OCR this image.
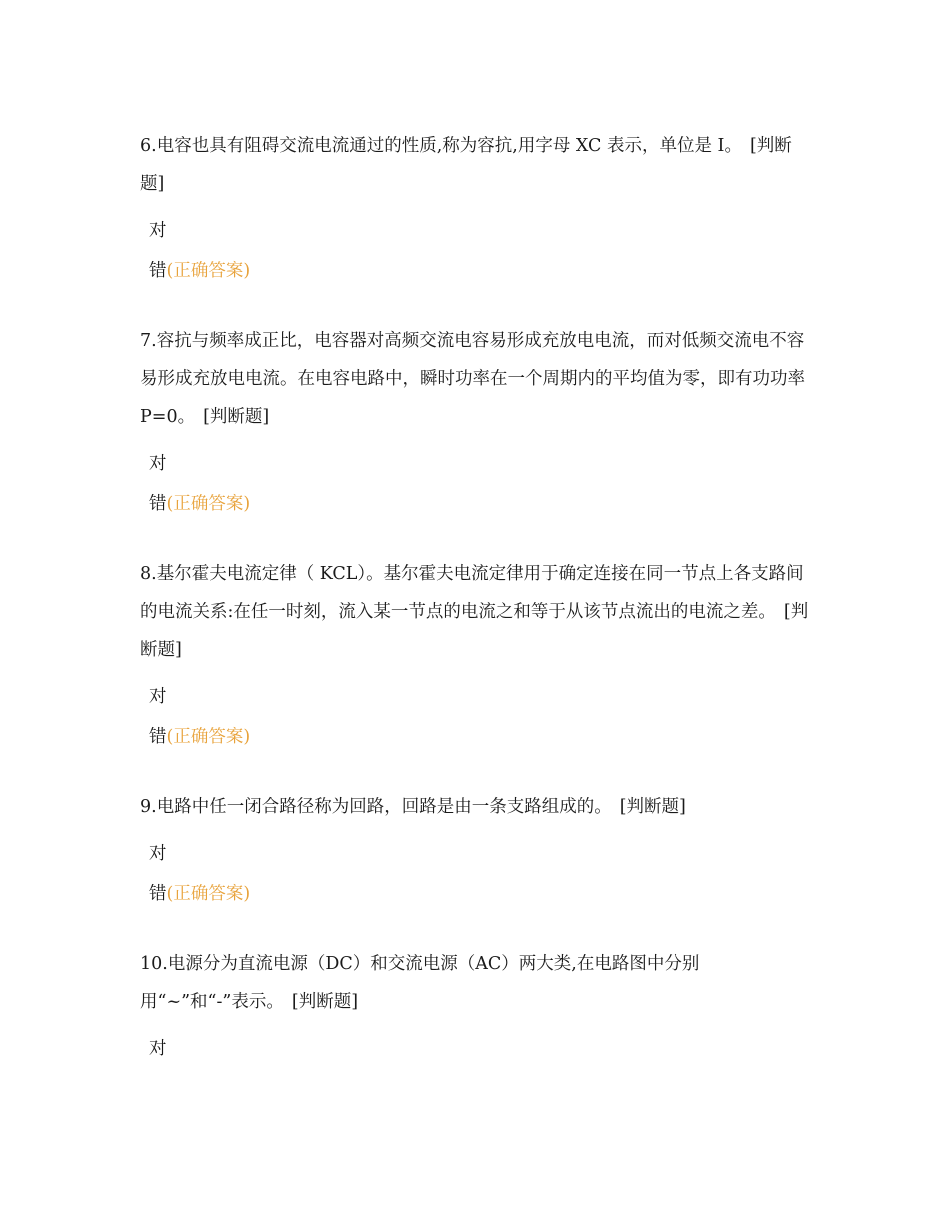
6.电容也具有阻碍交流电流通过的性质,称为容抗,用字母 XC 表示，单位是 I。 [判断题]

对

错(正确答案)

7.容抗与频率成正比，电容器对高频交流电容易形成充放电电流，而对低频交流电不容易形成充放电电流。在电容电路中，瞬时功率在一个周期内的平均值为零，即有功功率 P=0。 [判断题]

对

错(正确答案)

8.基尔霍夫电流定律（ KCL）。基尔霍夫电流定律用于确定连接在同一节点上各支路间的电流关系:在任一时刻，流入某一节点的电流之和等于从该节点流出的电流之差。 [判断题]

对

错(正确答案)

9.电路中任一闭合路径称为回路，回路是由一条支路组成的。 [判断题]

对

错(正确答案)

10.电源分为直流电源（DC）和交流电源（AC）两大类,在电路图中分别用“~”和“-”表示。 [判断题]

对
